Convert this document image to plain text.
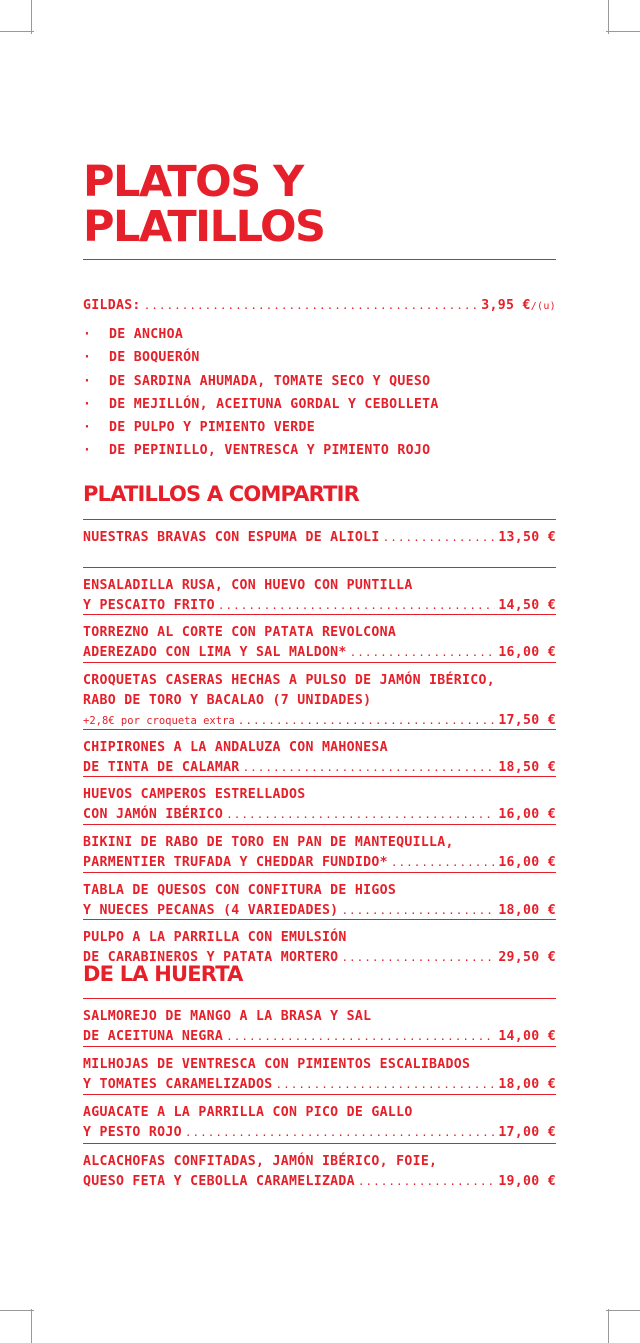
PLATOS Y
PLATILLOS
GILDAS: .....	3,95 €/(u)
· DE ANCHOA
· DE BOQUERÓN
· DE SARDINA AHUMADA, TOMATE SECO Y QUESO
· DE MEJILLÓN, ACEITUNA GORDAL Y CEBOLLETA
· DE PULPO Y PIMIENTO VERDE
· DE PEPINILLO, VENTRESCA Y PIMIENTO ROJO
PLATILLOS A COMPARTIR
NUESTRAS BRAVAS CON ESPUMA DE ALIOLI .....	13,50 €
ENSALADILLA RUSA, CON HUEVO CON PUNTILLA
Y PESCAITO FRITO .....	14,50 €
TORREZNO AL CORTE CON PATATA REVOLCONA
ADEREZADO CON LIMA Y SAL MALDON* .....	16,00 €
CROQUETAS CASERAS HECHAS A PULSO DE JAMÓN IBÉRICO,
RABO DE TORO Y BACALAO (7 UNIDADES)
+2,8€ por croqueta extra .....	17,50 €
CHIPIRONES A LA ANDALUZA CON MAHONESA
DE TINTA DE CALAMAR .....	18,50 €
HUEVOS CAMPEROS ESTRELLADOS
CON JAMÓN IBÉRICO .....	16,00 €
BIKINI DE RABO DE TORO EN PAN DE MANTEQUILLA,
PARMENTIER TRUFADA Y CHEDDAR FUNDIDO* .....	16,00 €
TABLA DE QUESOS CON CONFITURA DE HIGOS
Y NUECES PECANAS (4 VARIEDADES) .....	18,00 €
PULPO A LA PARRILLA CON EMULSIÓN
DE CARABINEROS Y PATATA MORTERO .....	29,50 €
DE LA HUERTA
SALMOREJO DE MANGO A LA BRASA Y SAL
DE ACEITUNA NEGRA .....	14,00 €
MILHOJAS DE VENTRESCA CON PIMIENTOS ESCALIBADOS
Y TOMATES CARAMELIZADOS .....	18,00 €
AGUACATE A LA PARRILLA CON PICO DE GALLO
Y PESTO ROJO .....	17,00 €
ALCACHOFAS CONFITADAS, JAMÓN IBÉRICO, FOIE,
QUESO FETA Y CEBOLLA CARAMELIZADA .....	19,00 €
